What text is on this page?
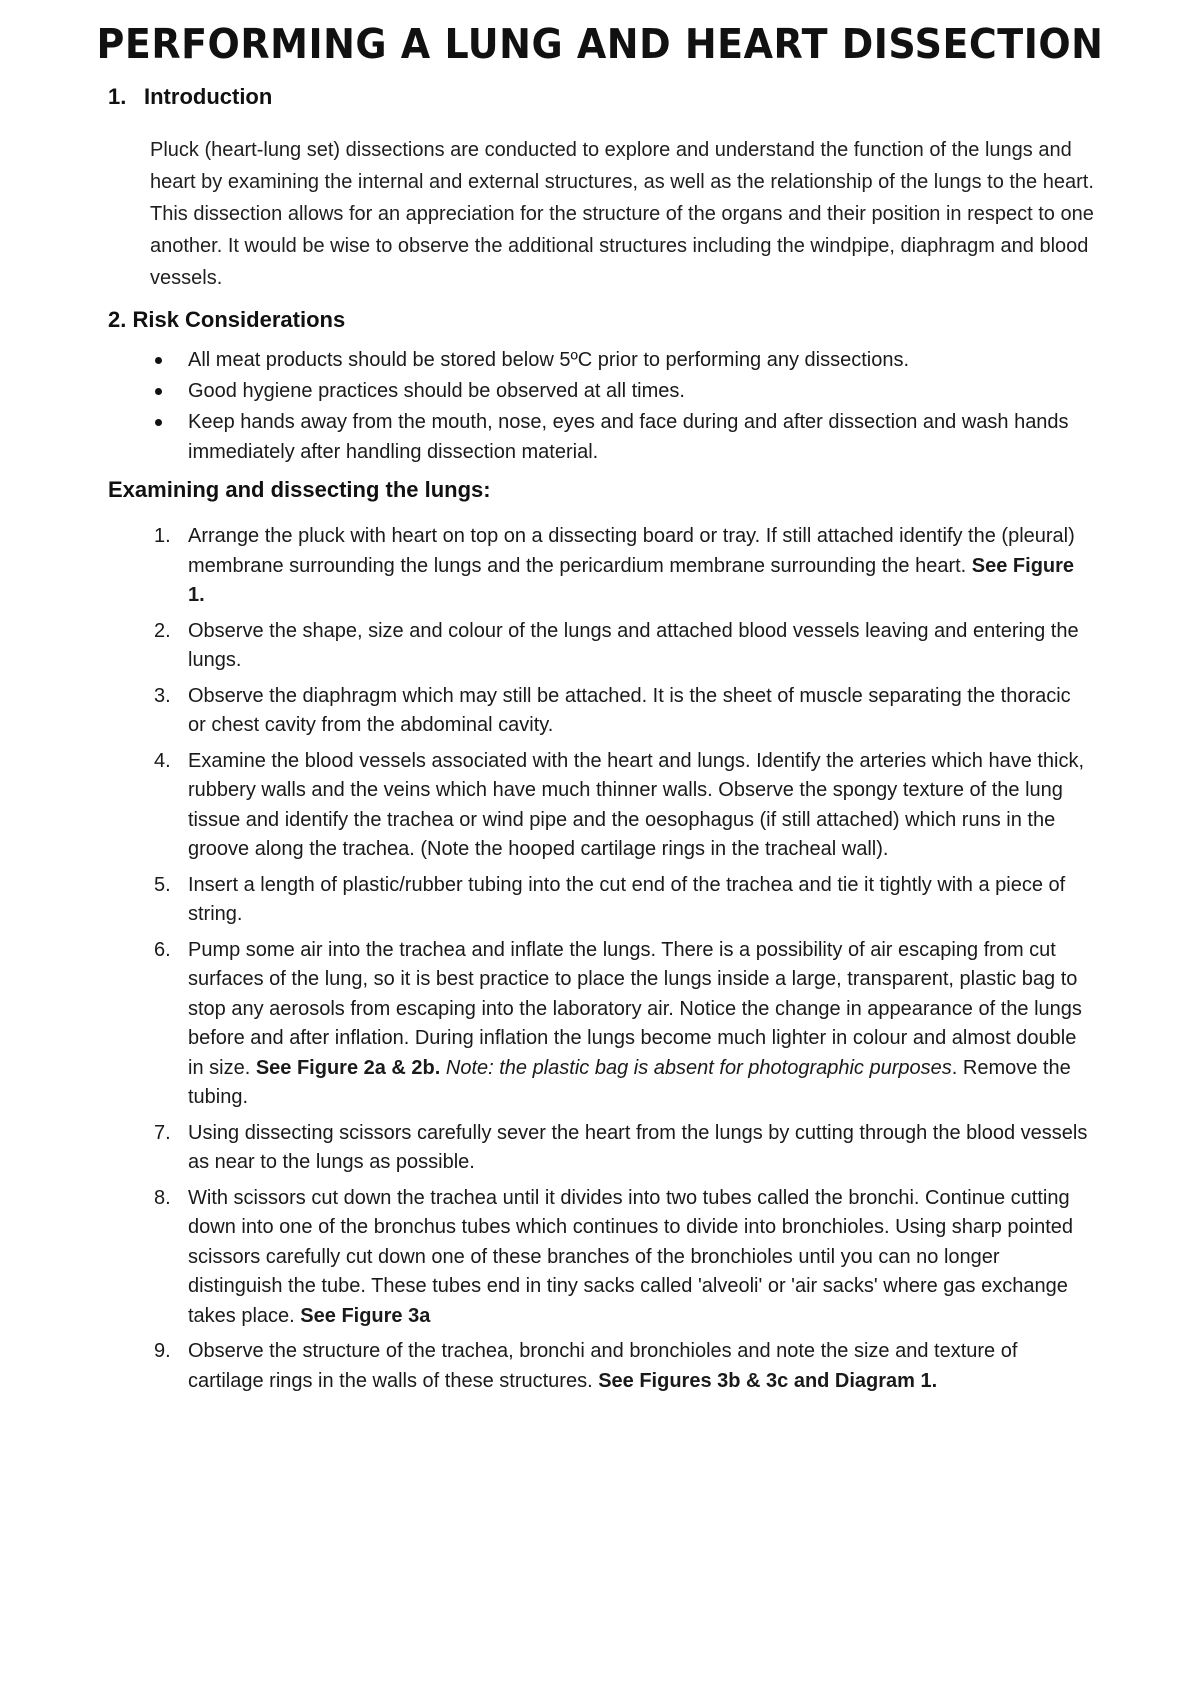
PERFORMING A LUNG AND HEART DISSECTION
1. Introduction
Pluck (heart-lung set) dissections are conducted to explore and understand the function of the lungs and heart by examining the internal and external structures, as well as the relationship of the lungs to the heart. This dissection allows for an appreciation for the structure of the organs and their position in respect to one another. It would be wise to observe the additional structures including the windpipe, diaphragm and blood vessels.
2. Risk Considerations
All meat products should be stored below 5ºC prior to performing any dissections.
Good hygiene practices should be observed at all times.
Keep hands away from the mouth, nose, eyes and face during and after dissection and wash hands immediately after handling dissection material.
Examining and dissecting the lungs:
1. Arrange the pluck with heart on top on a dissecting board or tray. If still attached identify the (pleural) membrane surrounding the lungs and the pericardium membrane surrounding the heart. See Figure 1.
2. Observe the shape, size and colour of the lungs and attached blood vessels leaving and entering the lungs.
3. Observe the diaphragm which may still be attached. It is the sheet of muscle separating the thoracic or chest cavity from the abdominal cavity.
4. Examine the blood vessels associated with the heart and lungs. Identify the arteries which have thick, rubbery walls and the veins which have much thinner walls. Observe the spongy texture of the lung tissue and identify the trachea or wind pipe and the oesophagus (if still attached) which runs in the groove along the trachea. (Note the hooped cartilage rings in the tracheal wall).
5. Insert a length of plastic/rubber tubing into the cut end of the trachea and tie it tightly with a piece of string.
6. Pump some air into the trachea and inflate the lungs. There is a possibility of air escaping from cut surfaces of the lung, so it is best practice to place the lungs inside a large, transparent, plastic bag to stop any aerosols from escaping into the laboratory air. Notice the change in appearance of the lungs before and after inflation. During inflation the lungs become much lighter in colour and almost double in size. See Figure 2a & 2b. Note: the plastic bag is absent for photographic purposes. Remove the tubing.
7. Using dissecting scissors carefully sever the heart from the lungs by cutting through the blood vessels as near to the lungs as possible.
8. With scissors cut down the trachea until it divides into two tubes called the bronchi. Continue cutting down into one of the bronchus tubes which continues to divide into bronchioles. Using sharp pointed scissors carefully cut down one of these branches of the bronchioles until you can no longer distinguish the tube. These tubes end in tiny sacks called 'alveoli' or 'air sacks' where gas exchange takes place. See Figure 3a
9. Observe the structure of the trachea, bronchi and bronchioles and note the size and texture of cartilage rings in the walls of these structures. See Figures 3b & 3c and Diagram 1.
